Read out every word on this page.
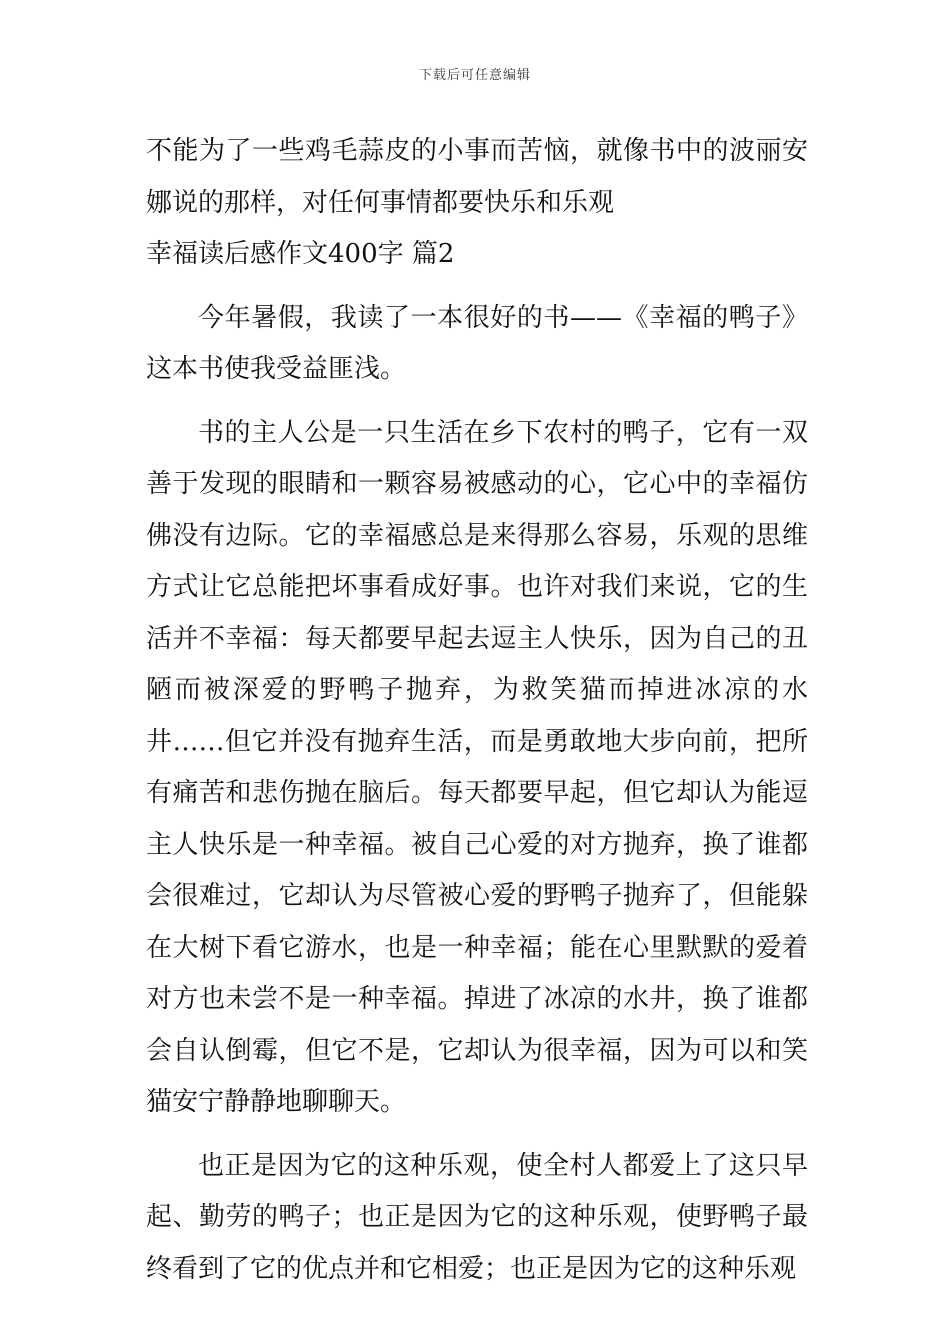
下载后可任意编辑

不能为了一些鸡毛蒜皮的小事而苦恼，就像书中的波丽安娜说的那样，对任何事情都要快乐和乐观

幸福读后感作文400字 篇2

今年暑假，我读了一本很好的书——《幸福的鸭子》这本书使我受益匪浅。

书的主人公是一只生活在乡下农村的鸭子，它有一双善于发现的眼睛和一颗容易被感动的心，它心中的幸福仿佛没有边际。它的幸福感总是来得那么容易，乐观的思维方式让它总能把坏事看成好事。也许对我们来说，它的生活并不幸福：每天都要早起去逗主人快乐，因为自己的丑陋而被深爱的野鸭子抛弃，为救笑猫而掉进冰凉的水井……但它并没有抛弃生活，而是勇敢地大步向前，把所有痛苦和悲伤抛在脑后。每天都要早起，但它却认为能逗主人快乐是一种幸福。被自己心爱的对方抛弃，换了谁都会很难过，它却认为尽管被心爱的野鸭子抛弃了，但能躲在大树下看它游水，也是一种幸福；能在心里默默的爱着对方也未尝不是一种幸福。掉进了冰凉的水井，换了谁都会自认倒霉，但它不是，它却认为很幸福，因为可以和笑猫安宁静静地聊聊天。

也正是因为它的这种乐观，使全村人都爱上了这只早起、勤劳的鸭子；也正是因为它的这种乐观，使野鸭子最终看到了它的优点并和它相爱；也正是因为它的这种乐观
